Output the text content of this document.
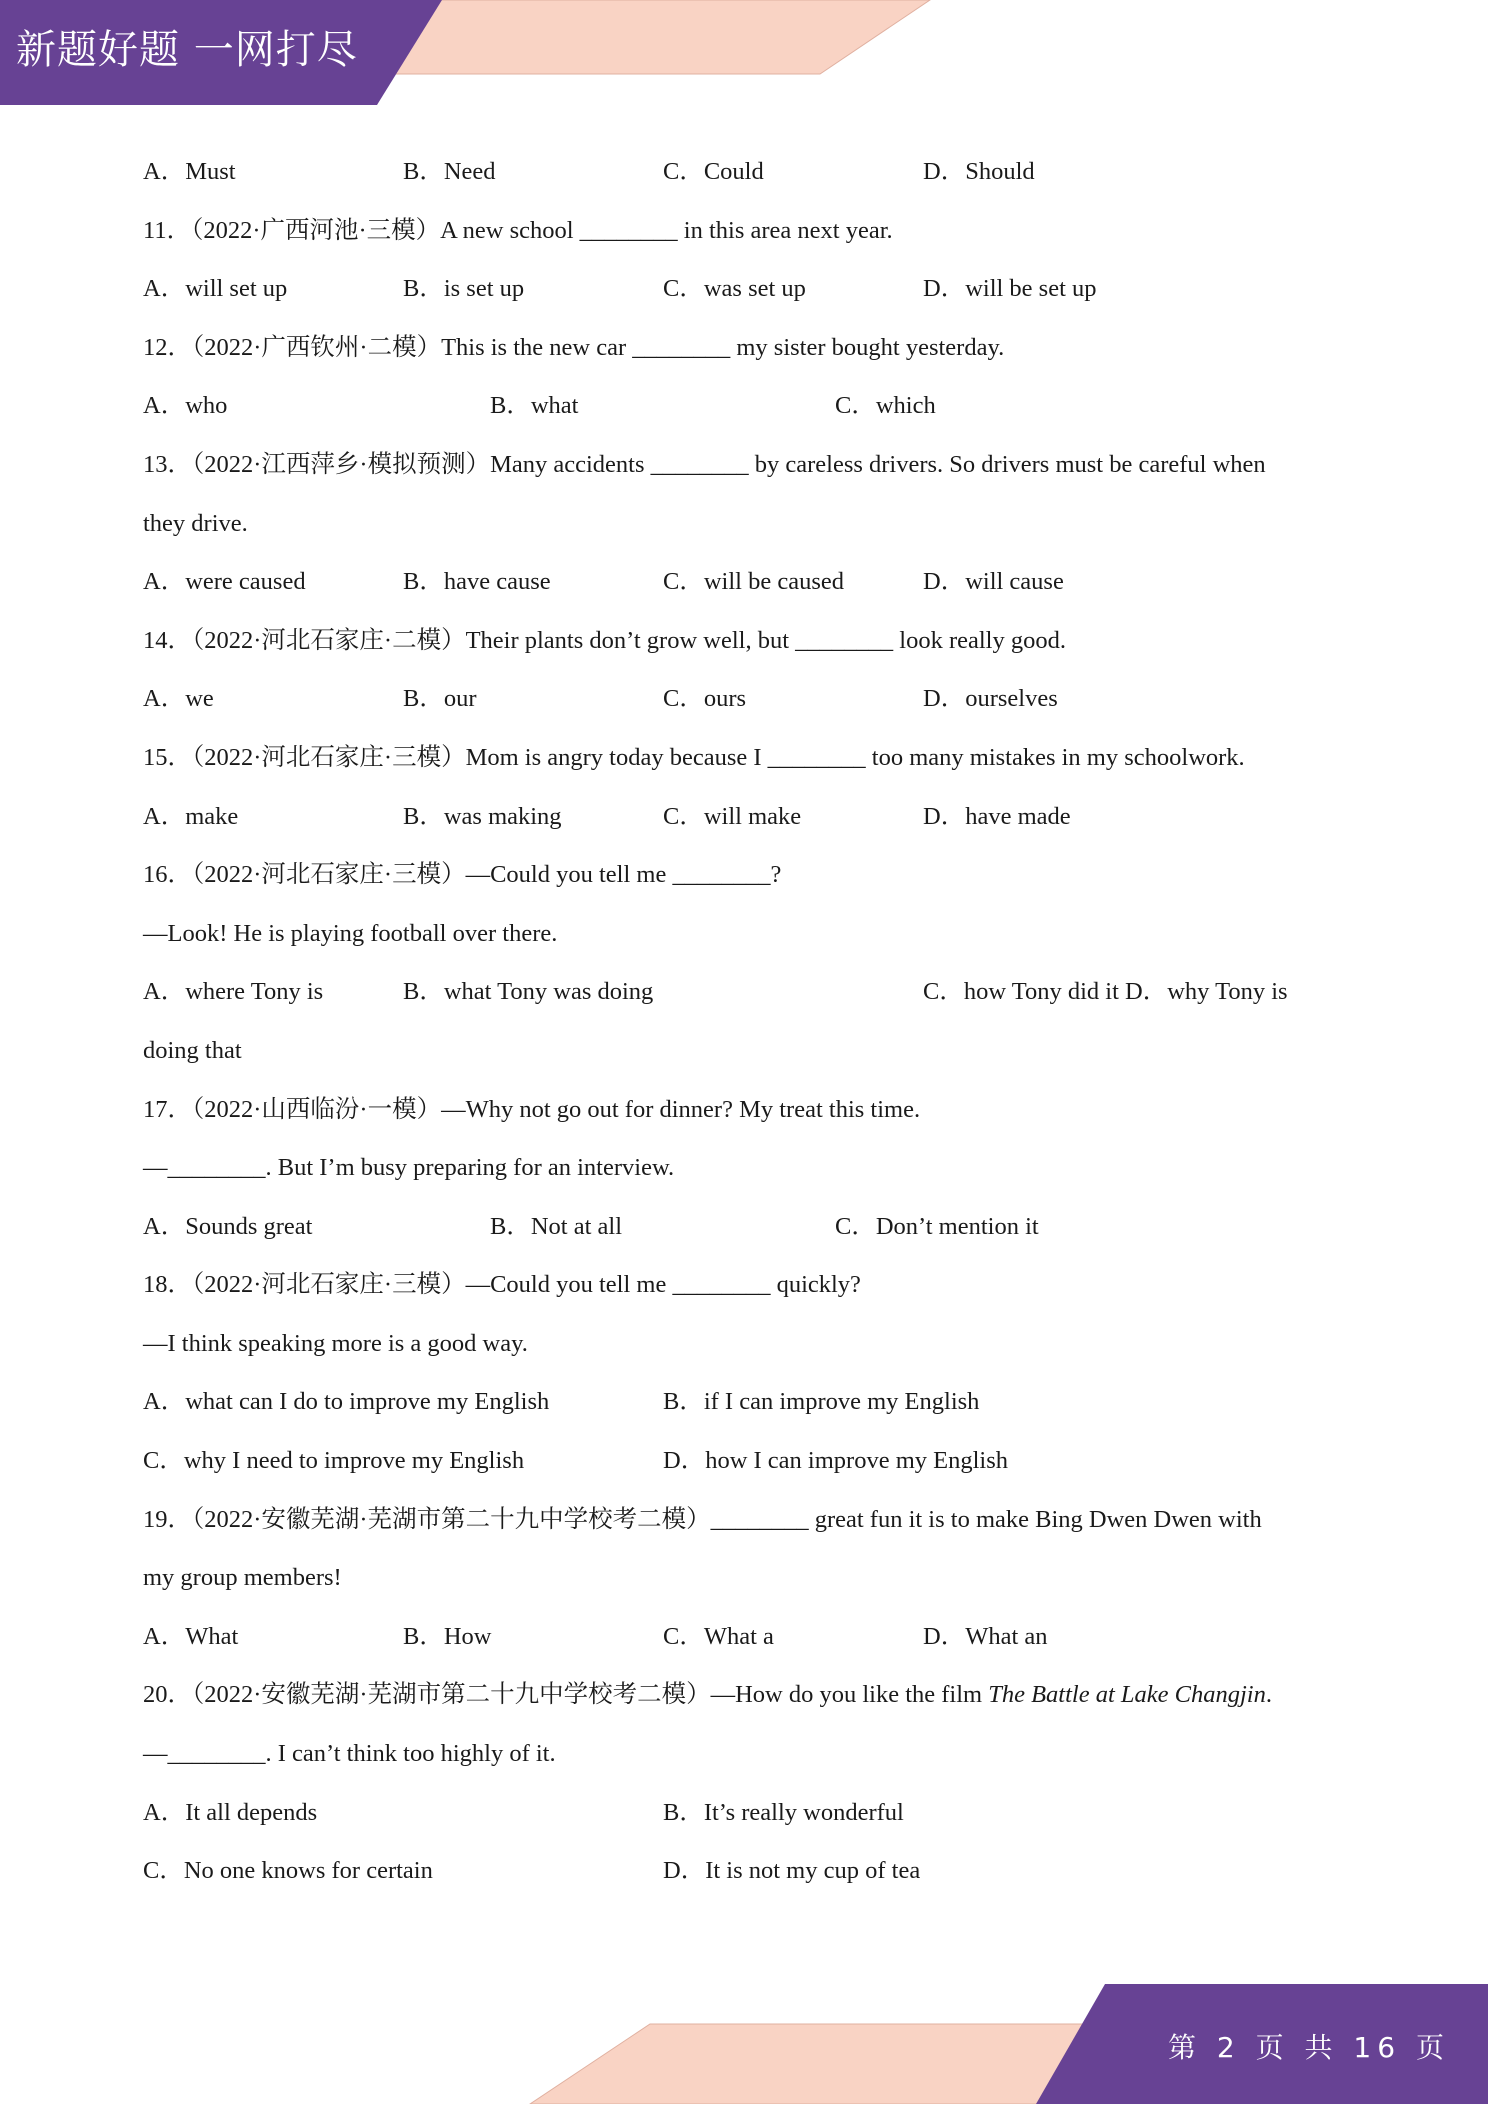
新题好题 一网打尽
第 2 页 共 16 页
A．Must	B．Need	C．Could	D．Should
11．（2022·广西河池·三模）A new school ________ in this area next year.
A．will set up	B．is set up	C．was set up	D．will be set up
12．（2022·广西钦州·二模）This is the new car ________ my sister bought yesterday.
A．who	B．what	C．which
13．（2022·江西萍乡·模拟预测）Many accidents ________ by careless drivers. So drivers must be careful when
they drive.
A．were caused	B．have cause	C．will be caused	D．will cause
14．（2022·河北石家庄·二模）Their plants don’t grow well, but ________ look really good.
A．we	B．our	C．ours	D．ourselves
15．（2022·河北石家庄·三模）Mom is angry today because I ________ too many mistakes in my schoolwork.
A．make	B．was making	C．will make	D．have made
16．（2022·河北石家庄·三模）—Could you tell me ________?
—Look! He is playing football over there.
A．where Tony is	B．what Tony was doing	C．how Tony did it D．why Tony is
doing that
17．（2022·山西临汾·一模）—Why not go out for dinner? My treat this time.
—________. But I’m busy preparing for an interview.
A．Sounds great	B．Not at all	C．Don’t mention it
18．（2022·河北石家庄·三模）—Could you tell me ________ quickly?
—I think speaking more is a good way.
A．what can I do to improve my English	B．if I can improve my English
C．why I need to improve my English	D．how I can improve my English
19．（2022·安徽芜湖·芜湖市第二十九中学校考二模）________ great fun it is to make Bing Dwen Dwen with
my group members!
A．What	B．How	C．What a	D．What an
20．（2022·安徽芜湖·芜湖市第二十九中学校考二模）—How do you like the film The Battle at Lake Changjin.
—________. I can’t think too highly of it.
A．It all depends	B．It’s really wonderful
C．No one knows for certain	D．It is not my cup of tea
